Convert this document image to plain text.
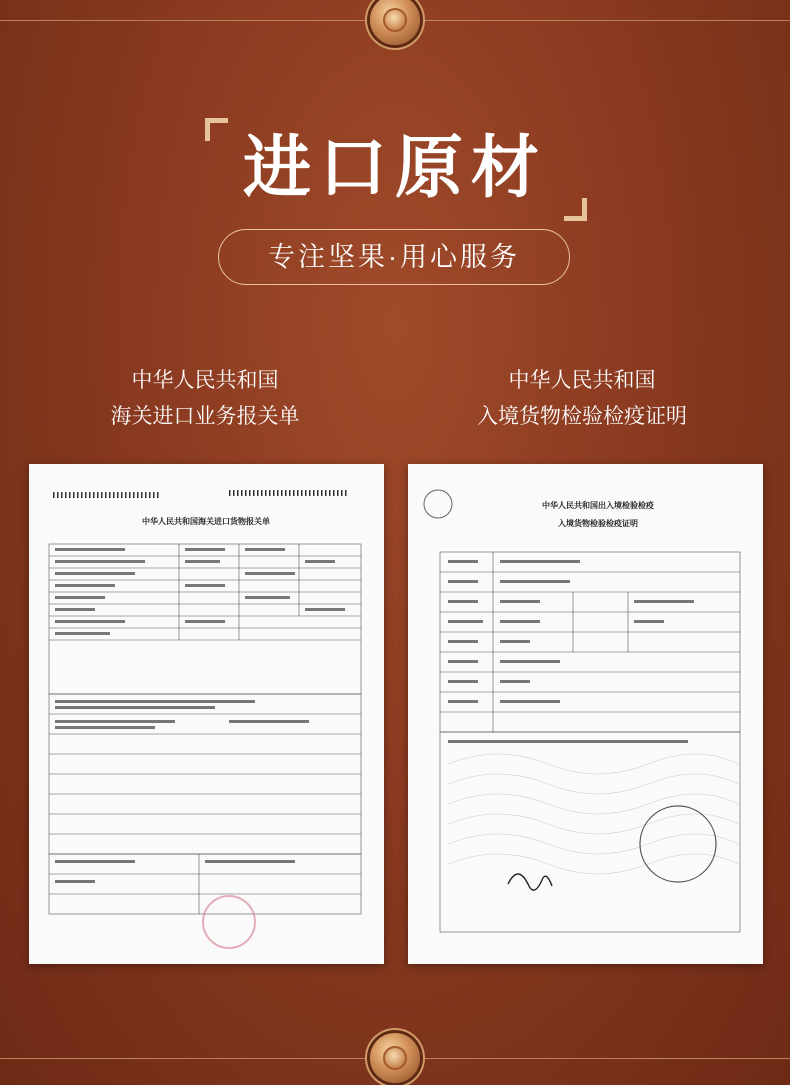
进口原材
专注坚果·用心服务
中华人民共和国
海关进口业务报关单
中华人民共和国
入境货物检验检疫证明
中华人民共和国海关进口货物报关单
中华人民共和国出入境检验检疫
入境货物检验检疫证明
